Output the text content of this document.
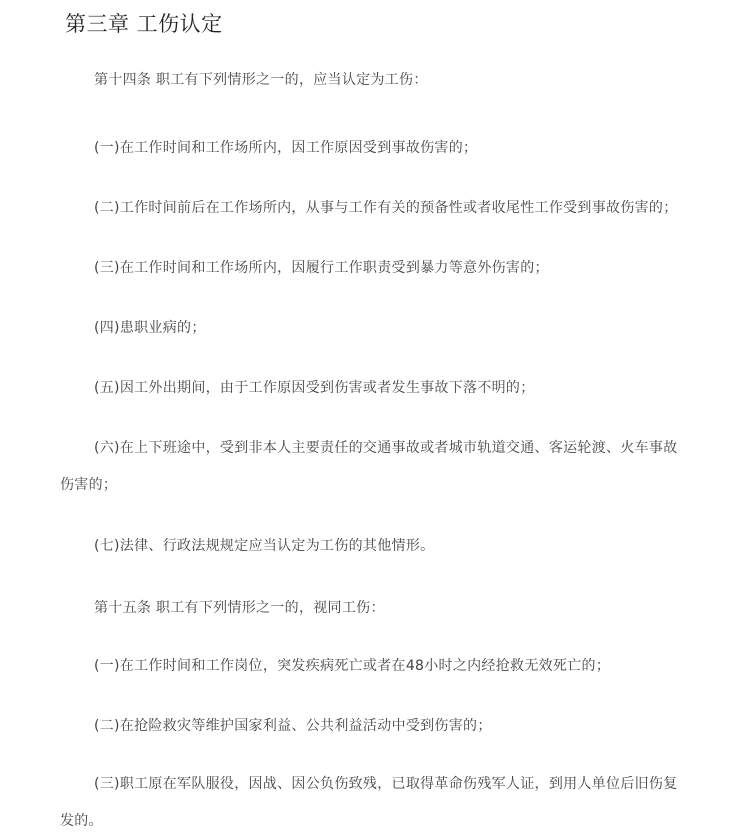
第三章 工伤认定

第十四条 职工有下列情形之一的，应当认定为工伤：

(一)在工作时间和工作场所内，因工作原因受到事故伤害的；

(二)工作时间前后在工作场所内，从事与工作有关的预备性或者收尾性工作受到事故伤害的；

(三)在工作时间和工作场所内，因履行工作职责受到暴力等意外伤害的；

(四)患职业病的；

(五)因工外出期间，由于工作原因受到伤害或者发生事故下落不明的；

(六)在上下班途中，受到非本人主要责任的交通事故或者城市轨道交通、客运轮渡、火车事故伤害的；

(七)法律、行政法规规定应当认定为工伤的其他情形。

第十五条 职工有下列情形之一的，视同工伤：

(一)在工作时间和工作岗位，突发疾病死亡或者在48小时之内经抢救无效死亡的；

(二)在抢险救灾等维护国家利益、公共利益活动中受到伤害的；

(三)职工原在军队服役，因战、因公负伤致残，已取得革命伤残军人证，到用人单位后旧伤复发的。
